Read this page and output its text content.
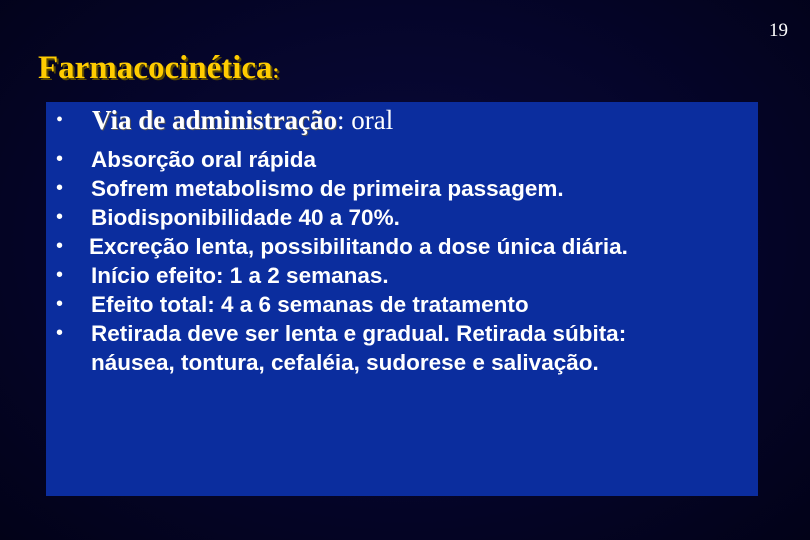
19
Farmacocinética:
• Via de administração: oral
• Absorção oral rápida
• Sofrem metabolismo de primeira passagem.
• Biodisponibilidade 40 a 70%.
• Excreção lenta, possibilitando a dose única diária.
• Início efeito: 1 a 2 semanas.
• Efeito total: 4 a 6 semanas de tratamento
• Retirada deve ser lenta e gradual. Retirada súbita: náusea, tontura, cefaléia, sudorese e salivação.
